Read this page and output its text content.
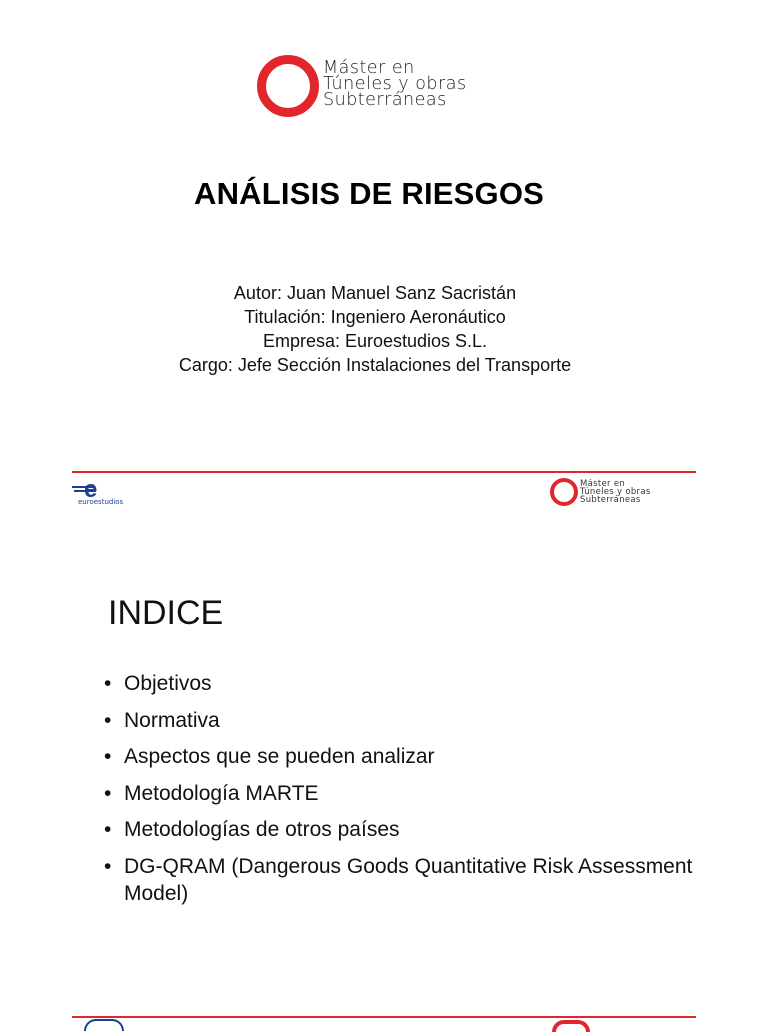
Máster en
Túneles y obras
Subterráneas
ANÁLISIS DE RIESGOS
Autor: Juan Manuel Sanz Sacristán
Titulación: Ingeniero Aeronáutico
Empresa: Euroestudios S.L.
Cargo: Jefe Sección Instalaciones del Transporte
e
euroestudios
Máster en
Túneles y obras
Subterráneas
INDICE
• Objetivos
• Normativa
• Aspectos que se pueden analizar
• Metodología MARTE
• Metodologías de otros países
• DG-QRAM (Dangerous Goods Quantitative Risk Assessment Model)
